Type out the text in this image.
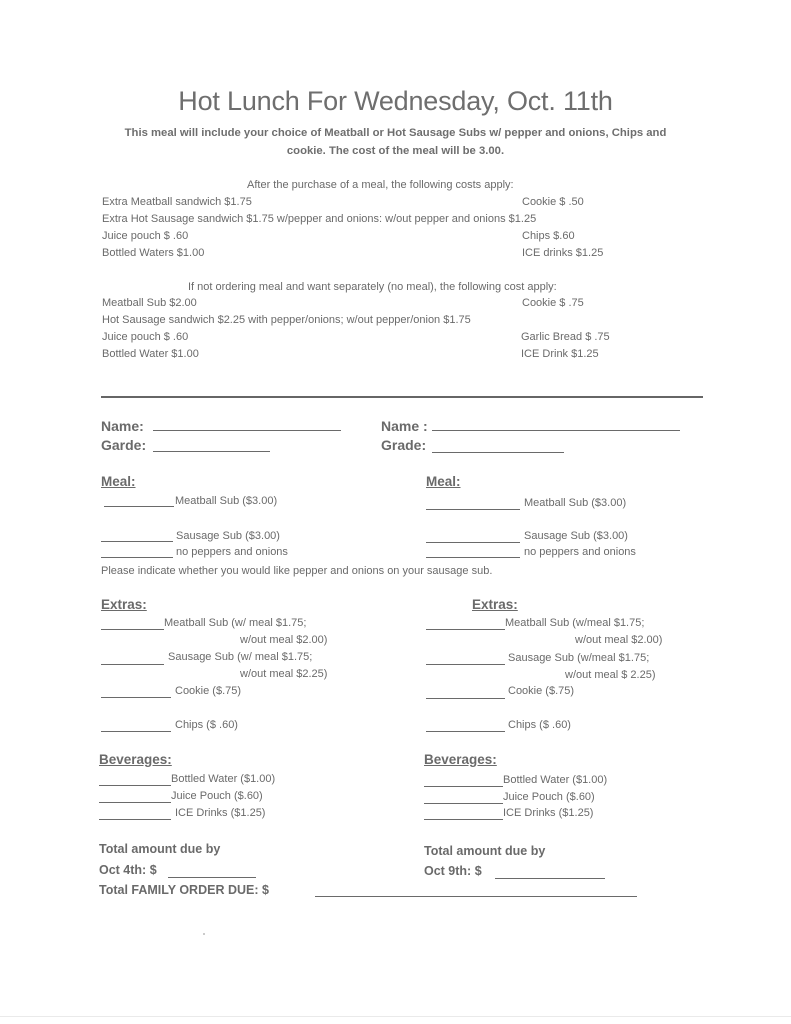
Hot Lunch For Wednesday, Oct. 11th
This meal will include your choice of Meatball or Hot Sausage Subs w/ pepper and onions, Chips and
cookie. The cost of the meal will be 3.00.
After the purchase of a meal, the following costs apply:
Extra Meatball sandwich $1.75
Extra Hot Sausage sandwich $1.75 w/pepper and onions: w/out pepper and onions $1.25
Juice pouch $ .60
Bottled Waters $1.00
Cookie $ .50
Chips $.60
ICE drinks $1.25
If not ordering meal and want separately (no meal), the following cost apply:
Meatball Sub $2.00
Hot Sausage sandwich $2.25 with pepper/onions; w/out pepper/onion $1.75
Juice pouch $ .60
Bottled Water $1.00
Cookie $ .75
Garlic Bread $ .75
ICE Drink $1.25
Name:
Garde:
Name :
Grade:
Meal:
Meatball Sub ($3.00)
Sausage Sub ($3.00)
no peppers and onions
Meal:
Meatball Sub ($3.00)
Sausage Sub ($3.00)
no peppers and onions
Please indicate whether you would like pepper and onions on your sausage sub.
Extras:
Meatball Sub (w/ meal $1.75;
w/out meal $2.00)
Sausage Sub (w/ meal $1.75;
w/out meal $2.25)
Cookie ($.75)
Chips ($ .60)
Extras:
Meatball Sub (w/meal $1.75;
w/out meal $2.00)
Sausage Sub (w/meal $1.75;
w/out meal $ 2.25)
Cookie ($.75)
Chips ($ .60)
Beverages:
Bottled Water ($1.00)
Juice Pouch ($.60)
ICE Drinks ($1.25)
Beverages:
Bottled Water ($1.00)
Juice Pouch ($.60)
ICE Drinks ($1.25)
Total amount due by
Oct 4th: $
Total amount due by
Oct 9th: $
Total FAMILY ORDER DUE: $
